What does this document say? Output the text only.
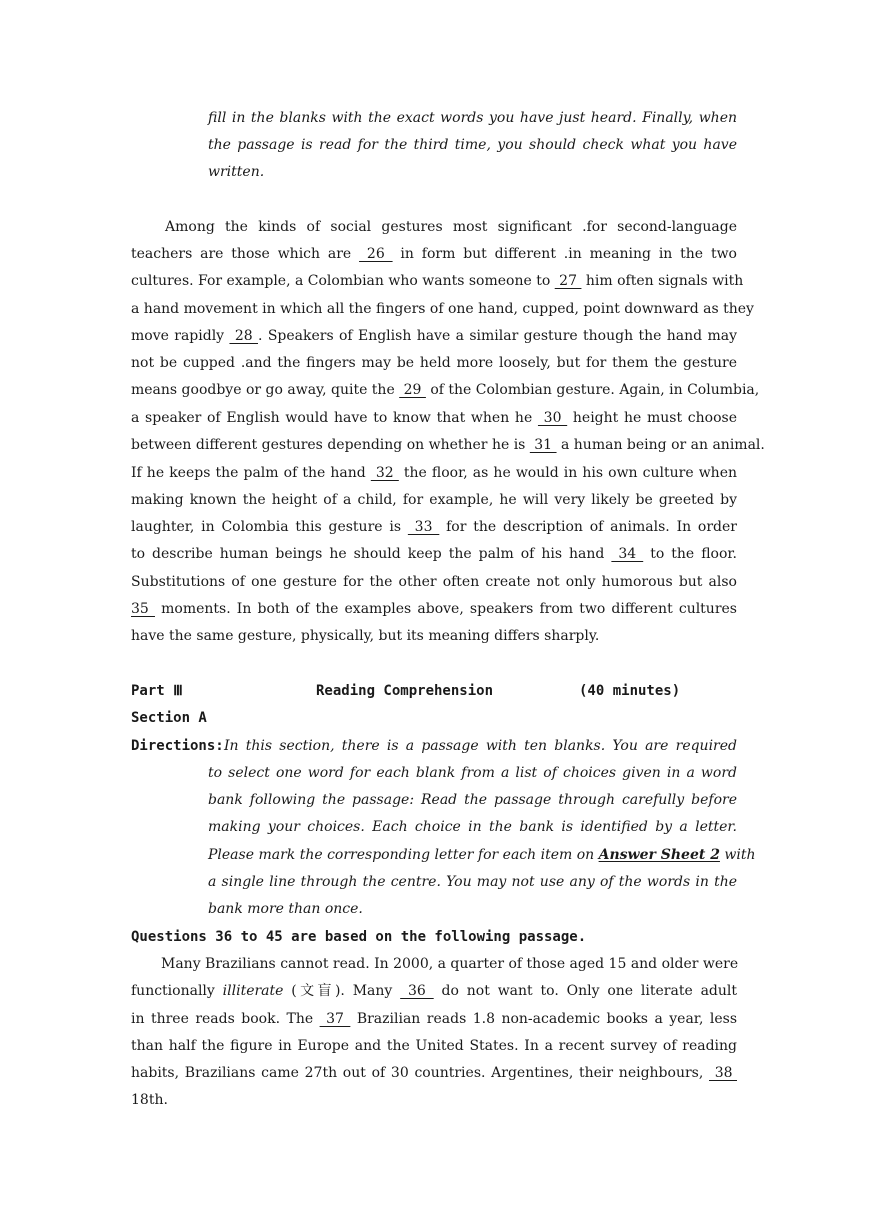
fill in the blanks with the exact words you have just heard. Finally, when
the passage is read for the third time, you should check what you have
written.
Among the kinds of social gestures most significant .for second-language
teachers are those which are  26  in form but different .in meaning in the two
cultures. For example, a Colombian who wants someone to  27  him often signals with
a hand movement in which all the fingers of one hand, cupped, point downward as they
move rapidly  28 . Speakers of English have a similar gesture though the hand may
not be cupped .and the fingers may be held more loosely, but for them the gesture
means goodbye or go away, quite the  29  of the Colombian gesture. Again, in Columbia,
a speaker of English would have to know that when he  30  height he must choose
between different gestures depending on whether he is  31  a human being or an animal.
If he keeps the palm of the hand  32  the floor, as he would in his own culture when
making known the height of a child, for example, he will very likely be greeted by
laughter, in Colombia this gesture is  33  for the description of animals. In order
to describe human beings he should keep the palm of his hand  34  to the floor.
Substitutions of one gesture for the other often create not only humorous but also
35  moments. In both of the examples above, speakers from two different cultures
have the same gesture, physically, but its meaning differs sharply.
Part Ⅲ	Reading Comprehension	(40 minutes)
Section A
Directions: In this section, there is a passage with ten blanks. You are required
to select one word for each blank from a list of choices given in a word
bank following the passage: Read the passage through carefully before
making your choices. Each choice in the bank is identified by a letter.
Please mark the corresponding letter for each item on Answer Sheet 2 with
a single line through the centre. You may not use any of the words in the
bank more than once.
Questions 36 to 45 are based on the following passage.
Many Brazilians cannot read. In 2000, a quarter of those aged 15 and older were
functionally illiterate (文盲). Many  36  do not want to. Only one literate adult
in three reads book. The  37  Brazilian reads 1.8 non-academic books a year, less
than half the figure in Europe and the United States. In a recent survey of reading
habits, Brazilians came 27th out of 30 countries. Argentines, their neighbours,  38
18th.
